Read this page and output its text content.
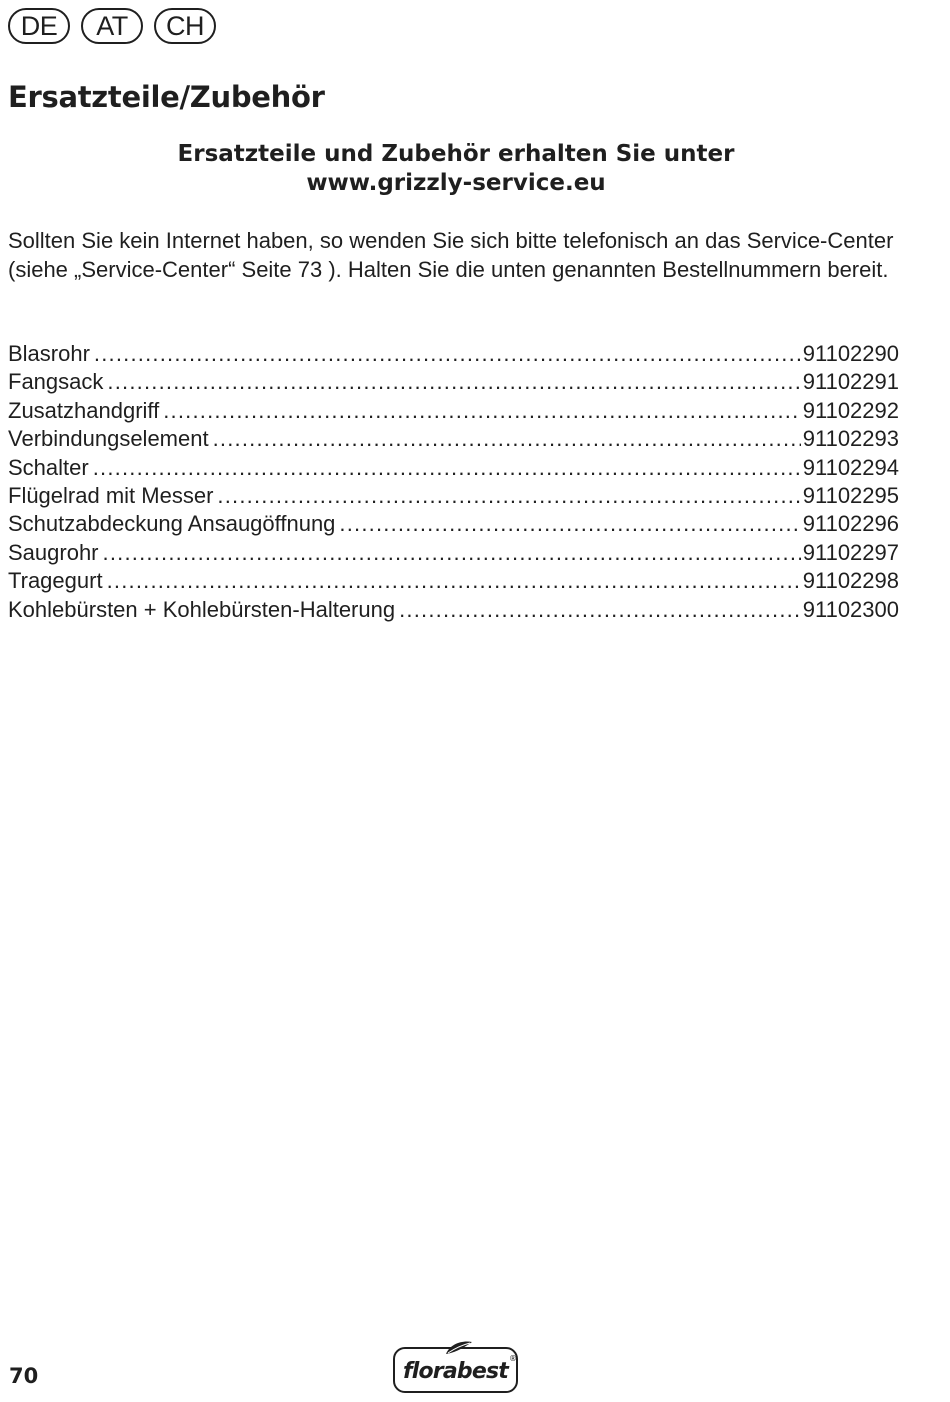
DE	AT	CH
Ersatzteile/Zubehör
Ersatzteile und Zubehör erhalten Sie unter
www.grizzly-service.eu

Sollten Sie kein Internet haben, so wenden Sie sich bitte telefonisch an das Service-Center (siehe „Service-Center“ Seite 73 ). Halten Sie die unten genannten Bestellnummern bereit.

Blasrohr .....	91102290
Fangsack .....	91102291
Zusatzhandgriff .....	91102292
Verbindungselement .....	91102293
Schalter .....	91102294
Flügelrad mit Messer .....	91102295
Schutzabdeckung Ansaugöffnung .....	91102296
Saugrohr .....	91102297
Tragegurt .....	91102298
Kohlebürsten + Kohlebürsten-Halterung .....	91102300
70	florabest
®
